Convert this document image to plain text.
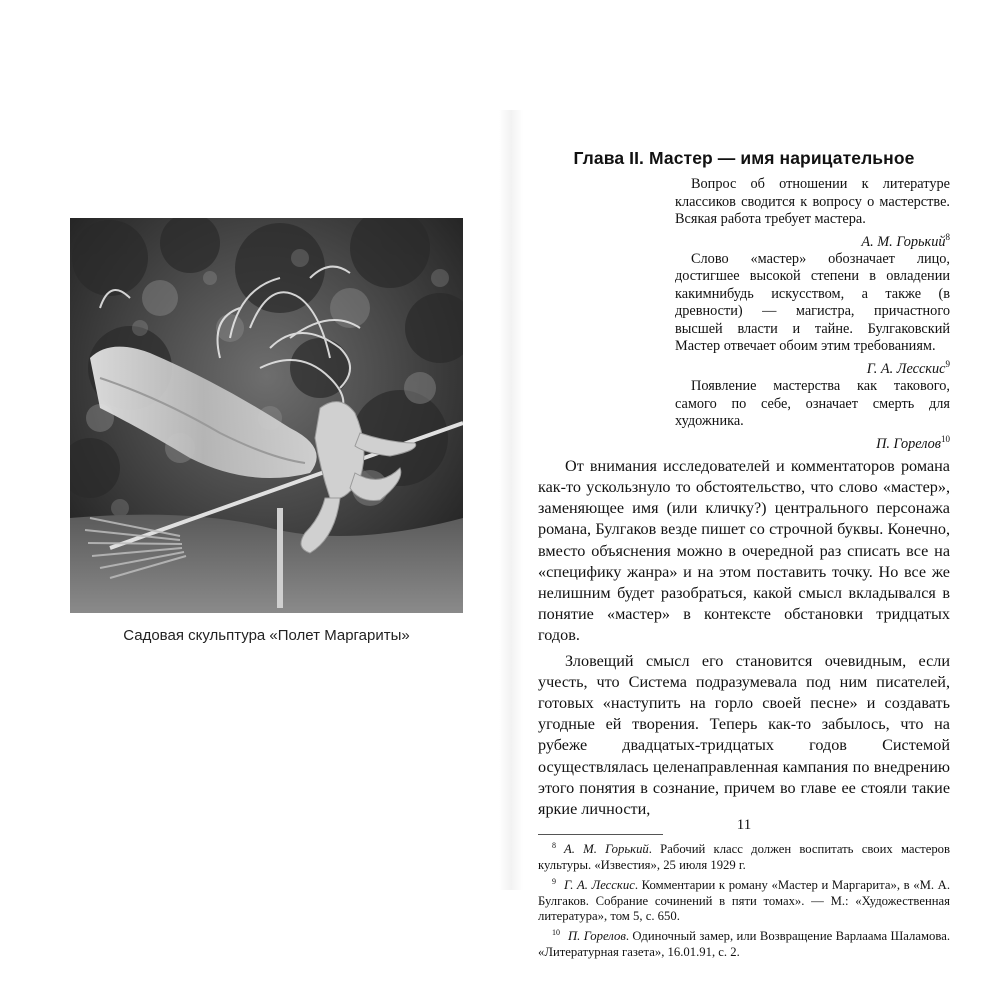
Садовая скульптура «Полет Маргариты»

Глава II. Мастер — имя нарицательное
Вопрос об отношении к литературе классиков сводится к вопросу о мастерстве. Всякая работа требует мастера.
А. М. Горький$^8$
Слово «мастер» обозначает лицо, достигшее высокой степени в овладении какимнибудь искусством, а также (в древности) — магистра, причастного высшей власти и тайне. Булгаковский Мастер отвечает обоим этим требованиям.
Г. А. Лесскис$^9$
Появление мастерства как такового, самого по себе, означает смерть для художника.
П. Горелов$^{10}$

От внимания исследователей и комментаторов романа как-то ускользнуло то обстоятельство, что слово «мастер», заменяющее имя (или кличку?) центрального персонажа романа, Булгаков везде пишет со строчной буквы. Конечно, вместо объяснения можно в очередной раз списать все на «специфику жанра» и на этом поставить точку. Но все же нелишним будет разобраться, какой смысл вкладывался в понятие «мастер» в контексте обстановки тридцатых годов.

Зловещий смысл его становится очевидным, если учесть, что Система подразумевала под ним писателей, готовых «наступить на горло своей песне» и создавать угодные ей творения. Теперь как-то забылось, что на рубеже двадцатых-тридцатых годов Системой осуществлялась целенаправленная кампания по внедрению этого понятия в сознание, причем во главе ее стояли такие яркие личности,

$^8$ А. М. Горький. Рабочий класс должен воспитать своих мастеров культуры. «Известия», 25 июля 1929 г.

$^9$ Г. А. Лесскис. Комментарии к роману «Мастер и Маргарита», в «М. А. Булгаков. Собрание сочинений в пяти томах». — М.: «Художественная литература», том 5, с. 650.

$^{10}$ П. Горелов. Одиночный замер, или Возвращение Варлаама Шаламова. «Литературная газета», 16.01.91, с. 2.

11
